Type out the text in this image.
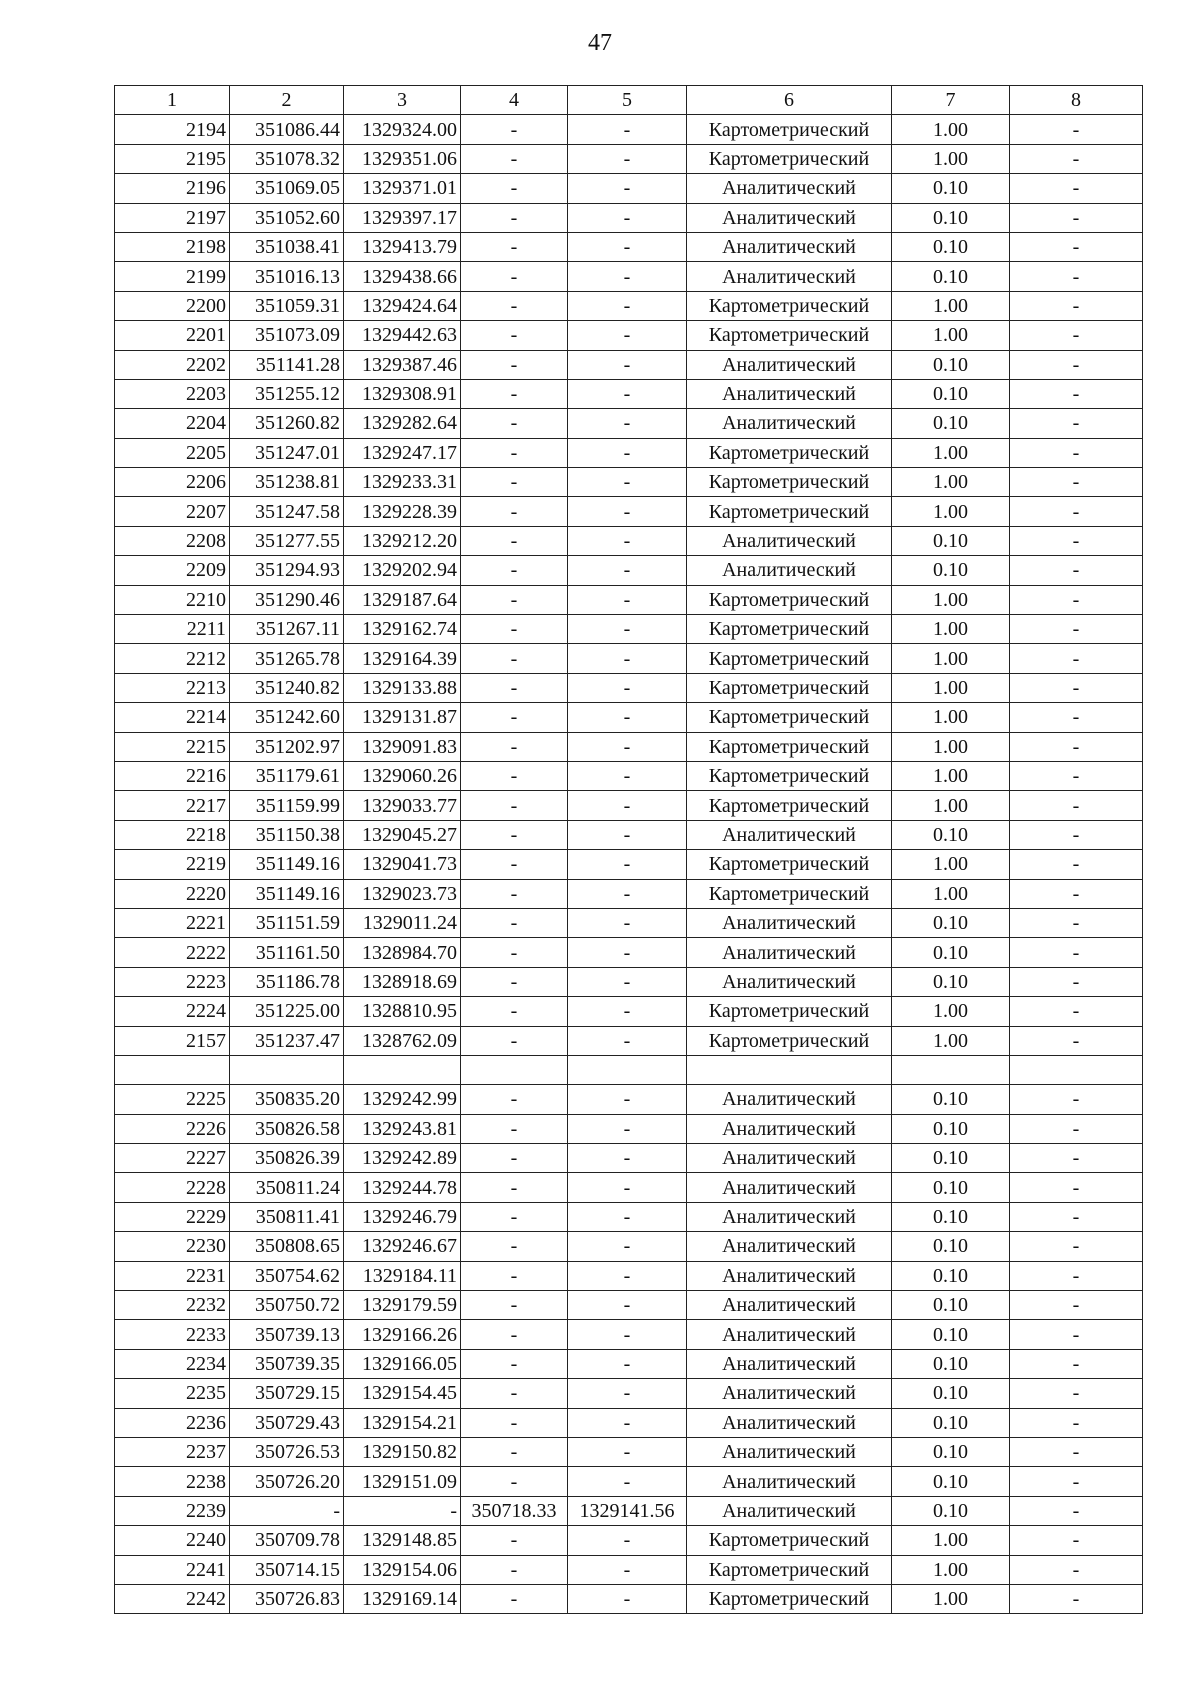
47
1	2	3	4	5	6	7	8
2194	351086.44	1329324.00	-	-	Картометрический	1.00	-
2195	351078.32	1329351.06	-	-	Картометрический	1.00	-
2196	351069.05	1329371.01	-	-	Аналитический	0.10	-
2197	351052.60	1329397.17	-	-	Аналитический	0.10	-
2198	351038.41	1329413.79	-	-	Аналитический	0.10	-
2199	351016.13	1329438.66	-	-	Аналитический	0.10	-
2200	351059.31	1329424.64	-	-	Картометрический	1.00	-
2201	351073.09	1329442.63	-	-	Картометрический	1.00	-
2202	351141.28	1329387.46	-	-	Аналитический	0.10	-
2203	351255.12	1329308.91	-	-	Аналитический	0.10	-
2204	351260.82	1329282.64	-	-	Аналитический	0.10	-
2205	351247.01	1329247.17	-	-	Картометрический	1.00	-
2206	351238.81	1329233.31	-	-	Картометрический	1.00	-
2207	351247.58	1329228.39	-	-	Картометрический	1.00	-
2208	351277.55	1329212.20	-	-	Аналитический	0.10	-
2209	351294.93	1329202.94	-	-	Аналитический	0.10	-
2210	351290.46	1329187.64	-	-	Картометрический	1.00	-
2211	351267.11	1329162.74	-	-	Картометрический	1.00	-
2212	351265.78	1329164.39	-	-	Картометрический	1.00	-
2213	351240.82	1329133.88	-	-	Картометрический	1.00	-
2214	351242.60	1329131.87	-	-	Картометрический	1.00	-
2215	351202.97	1329091.83	-	-	Картометрический	1.00	-
2216	351179.61	1329060.26	-	-	Картометрический	1.00	-
2217	351159.99	1329033.77	-	-	Картометрический	1.00	-
2218	351150.38	1329045.27	-	-	Аналитический	0.10	-
2219	351149.16	1329041.73	-	-	Картометрический	1.00	-
2220	351149.16	1329023.73	-	-	Картометрический	1.00	-
2221	351151.59	1329011.24	-	-	Аналитический	0.10	-
2222	351161.50	1328984.70	-	-	Аналитический	0.10	-
2223	351186.78	1328918.69	-	-	Аналитический	0.10	-
2224	351225.00	1328810.95	-	-	Картометрический	1.00	-
2157	351237.47	1328762.09	-	-	Картометрический	1.00	-

2225	350835.20	1329242.99	-	-	Аналитический	0.10	-
2226	350826.58	1329243.81	-	-	Аналитический	0.10	-
2227	350826.39	1329242.89	-	-	Аналитический	0.10	-
2228	350811.24	1329244.78	-	-	Аналитический	0.10	-
2229	350811.41	1329246.79	-	-	Аналитический	0.10	-
2230	350808.65	1329246.67	-	-	Аналитический	0.10	-
2231	350754.62	1329184.11	-	-	Аналитический	0.10	-
2232	350750.72	1329179.59	-	-	Аналитический	0.10	-
2233	350739.13	1329166.26	-	-	Аналитический	0.10	-
2234	350739.35	1329166.05	-	-	Аналитический	0.10	-
2235	350729.15	1329154.45	-	-	Аналитический	0.10	-
2236	350729.43	1329154.21	-	-	Аналитический	0.10	-
2237	350726.53	1329150.82	-	-	Аналитический	0.10	-
2238	350726.20	1329151.09	-	-	Аналитический	0.10	-
2239	-	-	350718.33	1329141.56	Аналитический	0.10	-
2240	350709.78	1329148.85	-	-	Картометрический	1.00	-
2241	350714.15	1329154.06	-	-	Картометрический	1.00	-
2242	350726.83	1329169.14	-	-	Картометрический	1.00	-
